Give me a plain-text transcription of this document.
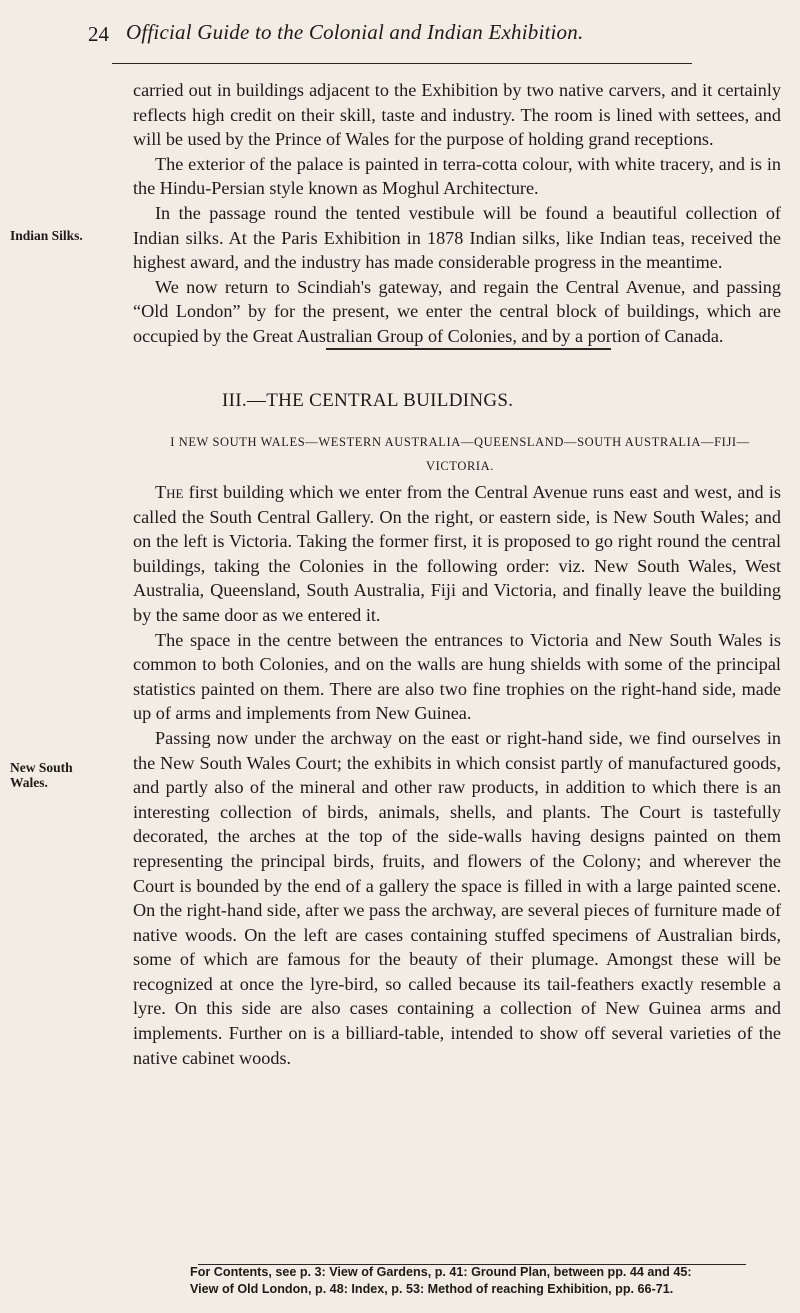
24 Official Guide to the Colonial and Indian Exhibition.

carried out in buildings adjacent to the Exhibition by two native carvers, and it certainly reflects high credit on their skill, taste and industry. The room is lined with settees, and will be used by the Prince of Wales for the purpose of holding grand receptions.

The exterior of the palace is painted in terra-cotta colour, with white tracery, and is in the Hindu-Persian style known as Moghul Architecture.

In the passage round the tented vestibule will be found a beautiful collection of Indian silks. At the Paris Exhibition in 1878 Indian silks, like Indian teas, received the highest award, and the industry has made considerable progress in the meantime.

We now return to Scindiah's gateway, and regain the Central Avenue, and passing “Old London” by for the present, we enter the central block of buildings, which are occupied by the Great Australian Group of Colonies, and by a portion of Canada.

Indian Silks.
III.—THE CENTRAL BUILDINGS.
I NEW SOUTH WALES—WESTERN AUSTRALIA—QUEENSLAND—SOUTH AUSTRALIA—FIJI—VICTORIA.

The first building which we enter from the Central Avenue runs east and west, and is called the South Central Gallery. On the right, or eastern side, is New South Wales; and on the left is Victoria. Taking the former first, it is proposed to go right round the central buildings, taking the Colonies in the following order: viz. New South Wales, West Australia, Queensland, South Australia, Fiji and Victoria, and finally leave the building by the same door as we entered it.

The space in the centre between the entrances to Victoria and New South Wales is common to both Colonies, and on the walls are hung shields with some of the principal statistics painted on them. There are also two fine trophies on the right-hand side, made up of arms and implements from New Guinea.

Passing now under the archway on the east or right-hand side, we find ourselves in the New South Wales Court; the exhibits in which consist partly of manufactured goods, and partly also of the mineral and other raw products, in addition to which there is an interesting collection of birds, animals, shells, and plants. The Court is tastefully decorated, the arches at the top of the side-walls having designs painted on them representing the principal birds, fruits, and flowers of the Colony; and wherever the Court is bounded by the end of a gallery the space is filled in with a large painted scene. On the right-hand side, after we pass the archway, are several pieces of furniture made of native woods. On the left are cases containing stuffed specimens of Australian birds, some of which are famous for the beauty of their plumage. Amongst these will be recognized at once the lyre-bird, so called because its tail-feathers exactly resemble a lyre. On this side are also cases containing a collection of New Guinea arms and implements. Further on is a billiard-table, intended to show off several varieties of the native cabinet woods.

New South Wales.
For Contents, see p. 3: View of Gardens, p. 41: Ground Plan, between pp. 44 and 45:
View of Old London, p. 48: Index, p. 53: Method of reaching Exhibition, pp. 66-71.
